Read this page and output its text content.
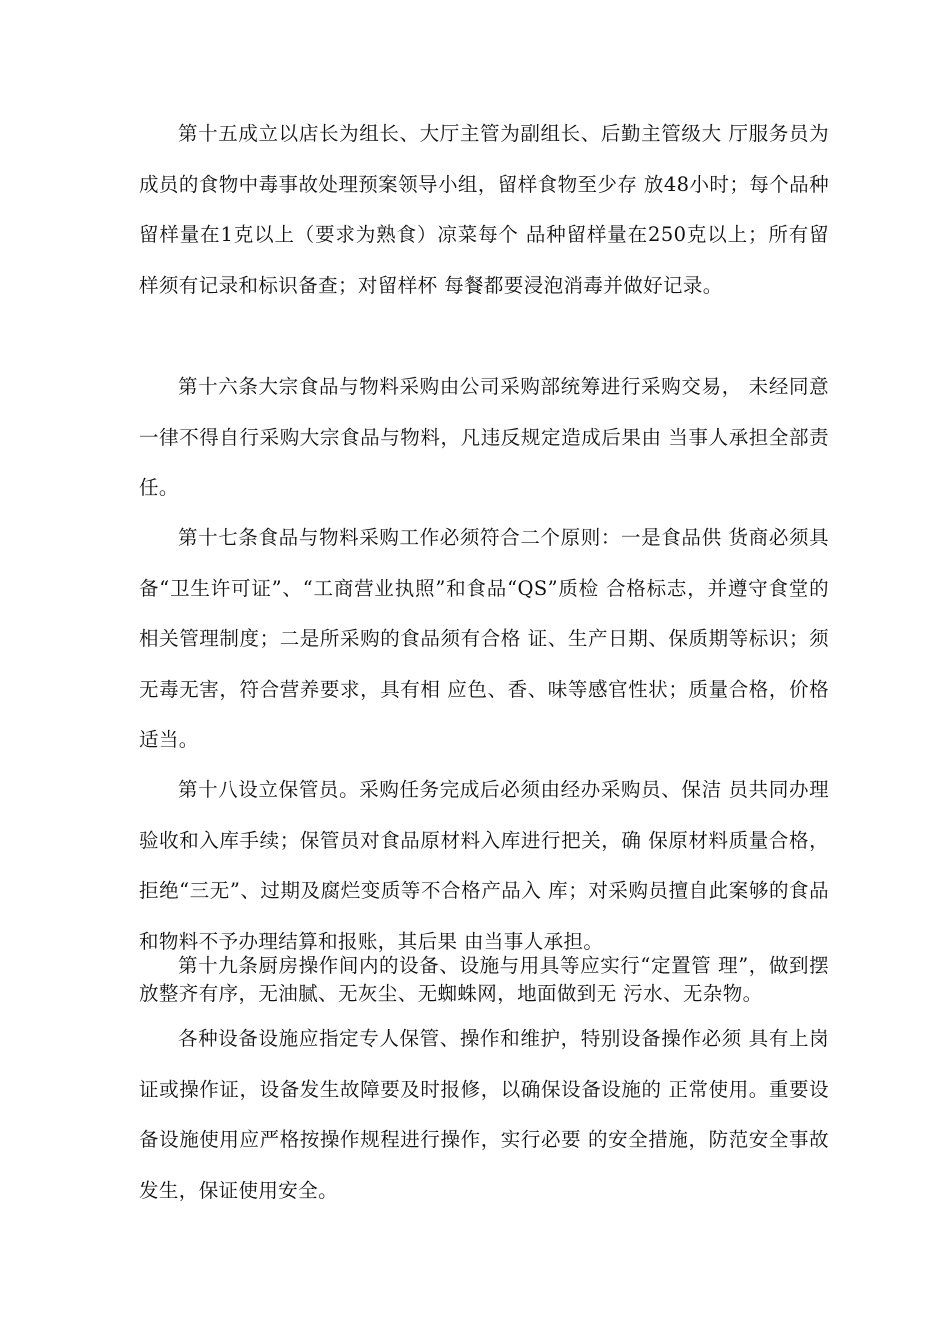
第十五成立以店长为组长、大厅主管为副组长、后勤主管级大 厅服务员为成员的食物中毒事故处理预案领导小组，留样食物至少存 放48小时；每个品种留样量在1克以上（要求为熟食）凉菜每个 品种留样量在250克以上；所有留样须有记录和标识备查；对留样杯 每餐都要浸泡消毒并做好记录。

第十六条大宗食品与物料采购由公司采购部统筹进行采购交易， 未经同意一律不得自行采购大宗食品与物料，凡违反规定造成后果由 当事人承担全部责任。

第十七条食品与物料采购工作必须符合二个原则：一是食品供 货商必须具备“卫生许可证”、“工商营业执照”和食品“QS”质检 合格标志，并遵守食堂的相关管理制度；二是所采购的食品须有合格 证、生产日期、保质期等标识；须无毒无害，符合营养要求，具有相 应色、香、味等感官性状；质量合格，价格适当。

第十八设立保管员。采购任务完成后必须由经办采购员、保洁 员共同办理验收和入库手续；保管员对食品原材料入库进行把关，确 保原材料质量合格，拒绝“三无”、过期及腐烂变质等不合格产品入 库；对采购员擅自此案够的食品和物料不予办理结算和报账，其后果 由当事人承担。

第十九条厨房操作间内的设备、设施与用具等应实行“定置管 理”，做到摆放整齐有序，无油腻、无灰尘、无蜘蛛网，地面做到无 污水、无杂物。

各种设备设施应指定专人保管、操作和维护，特别设备操作必须 具有上岗证或操作证，设备发生故障要及时报修，以确保设备设施的 正常使用。重要设备设施使用应严格按操作规程进行操作，实行必要 的安全措施，防范安全事故发生，保证使用安全。
